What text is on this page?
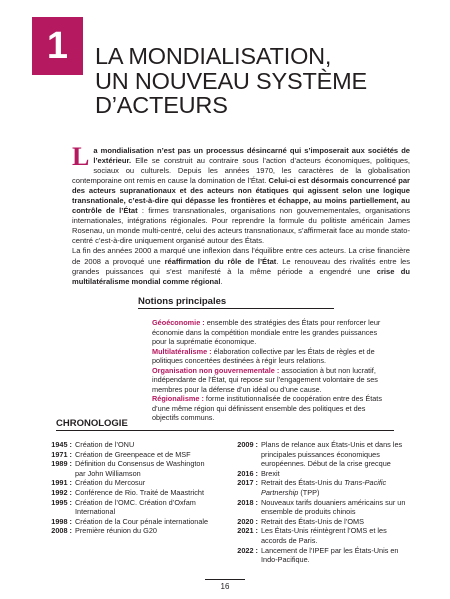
1 LA MONDIALISATION,
UN NOUVEAU SYSTÈME
D’ACTEURS

L a mondialisation n’est pas un processus désincarné qui s’imposerait aux sociétés de l’extérieur. Elle se construit au contraire sous l’action d’acteurs économiques, politiques, sociaux ou culturels. Depuis les années 1970, les caractères de la globalisation contemporaine ont remis en cause la domination de l’État. Celui-ci est désormais concurrencé par des acteurs supranationaux et des acteurs non étatiques qui agissent selon une logique transnationale, c’est-à-dire qui dépasse les frontières et échappe, au moins partiellement, au contrôle de l’État : firmes transnationales, organisations non gouvernementales, organisations internationales, intégrations régionales. Pour reprendre la formule du politiste américain James Rosenau, un monde multi-centré, celui des acteurs transnationaux, s’affirmerait face au monde stato-centré c’est-à-dire uniquement organisé autour des États.

La fin des années 2000 a marqué une inflexion dans l’équilibre entre ces acteurs. La crise financière de 2008 a provoqué une réaffirmation du rôle de l’État. Le renouveau des rivalités entre les grandes puissances qui s’est manifesté à la même période a engendré une crise du multilatéralisme mondial comme régional.

Notions principales

Géoéconomie : ensemble des stratégies des États pour renforcer leur économie dans la compétition mondiale entre les grandes puissances pour la suprématie économique.

Multilatéralisme : élaboration collective par les États de règles et de politiques concertées destinées à régir leurs relations.

Organisation non gouvernementale : association à but non lucratif, indépendante de l’État, qui repose sur l’engagement volontaire de ses membres pour la défense d’un idéal ou d’une cause.

Régionalisme : forme institutionnalisée de coopération entre des États d’une même région qui définissent ensemble des politiques et des objectifs communs.

CHRONOLOGIE
1945 : Création de l’ONU
1971 : Création de Greenpeace et de MSF
1989 : Définition du Consensus de Washington par John Williamson
1991 : Création du Mercosur
1992 : Conférence de Rio. Traité de Maastricht
1995 : Création de l’OMC. Création d’Oxfam International
1998 : Création de la Cour pénale internationale
2008 : Première réunion du G20
2009 : Plans de relance aux États-Unis et dans les principales puissances économiques européennes. Début de la crise grecque
2016 : Brexit
2017 : Retrait des États-Unis du Trans-Pacific Partnership (TPP)
2018 : Nouveaux tarifs douaniers américains sur un ensemble de produits chinois
2020 : Retrait des États-Unis de l’OMS
2021 : Les États-Unis réintègrent l’OMS et les accords de Paris.
2022 : Lancement de l’IPEF par les États-Unis en Indo-Pacifique.
16
